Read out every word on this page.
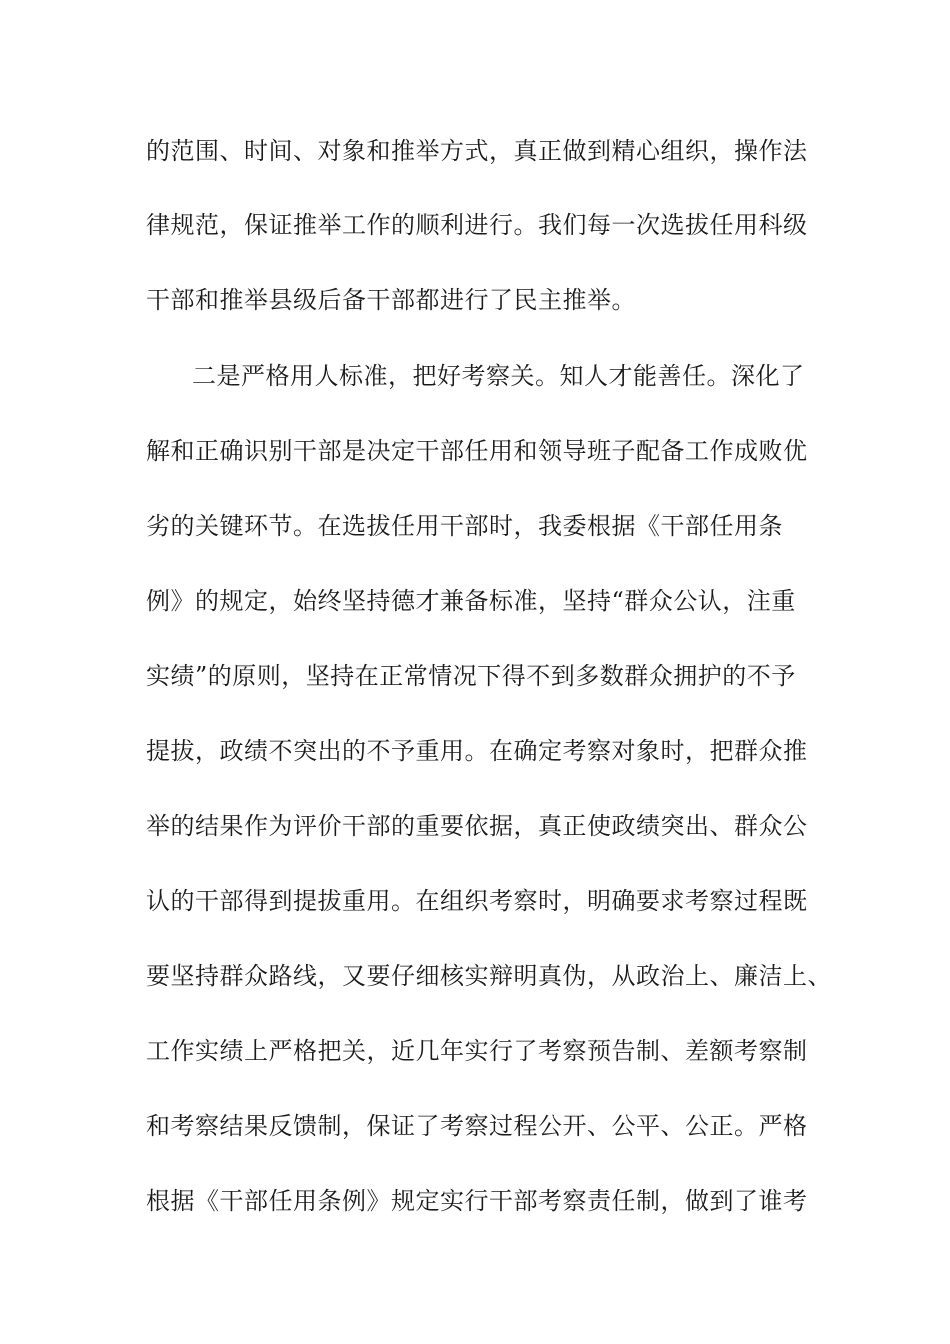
的范围、时间、对象和推举方式，真正做到精心组织，操作法
律规范，保证推举工作的顺利进行。我们每一次选拔任用科级
干部和推举县级后备干部都进行了民主推举。
二是严格用人标准，把好考察关。知人才能善任。深化了
解和正确识别干部是决定干部任用和领导班子配备工作成败优
劣的关键环节。在选拔任用干部时，我委根据《干部任用条
例》的规定，始终坚持德才兼备标准，坚持“群众公认，注重
实绩”的原则，坚持在正常情况下得不到多数群众拥护的不予
提拔，政绩不突出的不予重用。在确定考察对象时，把群众推
举的结果作为评价干部的重要依据，真正使政绩突出、群众公
认的干部得到提拔重用。在组织考察时，明确要求考察过程既
要坚持群众路线，又要仔细核实辩明真伪，从政治上、廉洁上、
工作实绩上严格把关，近几年实行了考察预告制、差额考察制
和考察结果反馈制，保证了考察过程公开、公平、公正。严格
根据《干部任用条例》规定实行干部考察责任制，做到了谁考
